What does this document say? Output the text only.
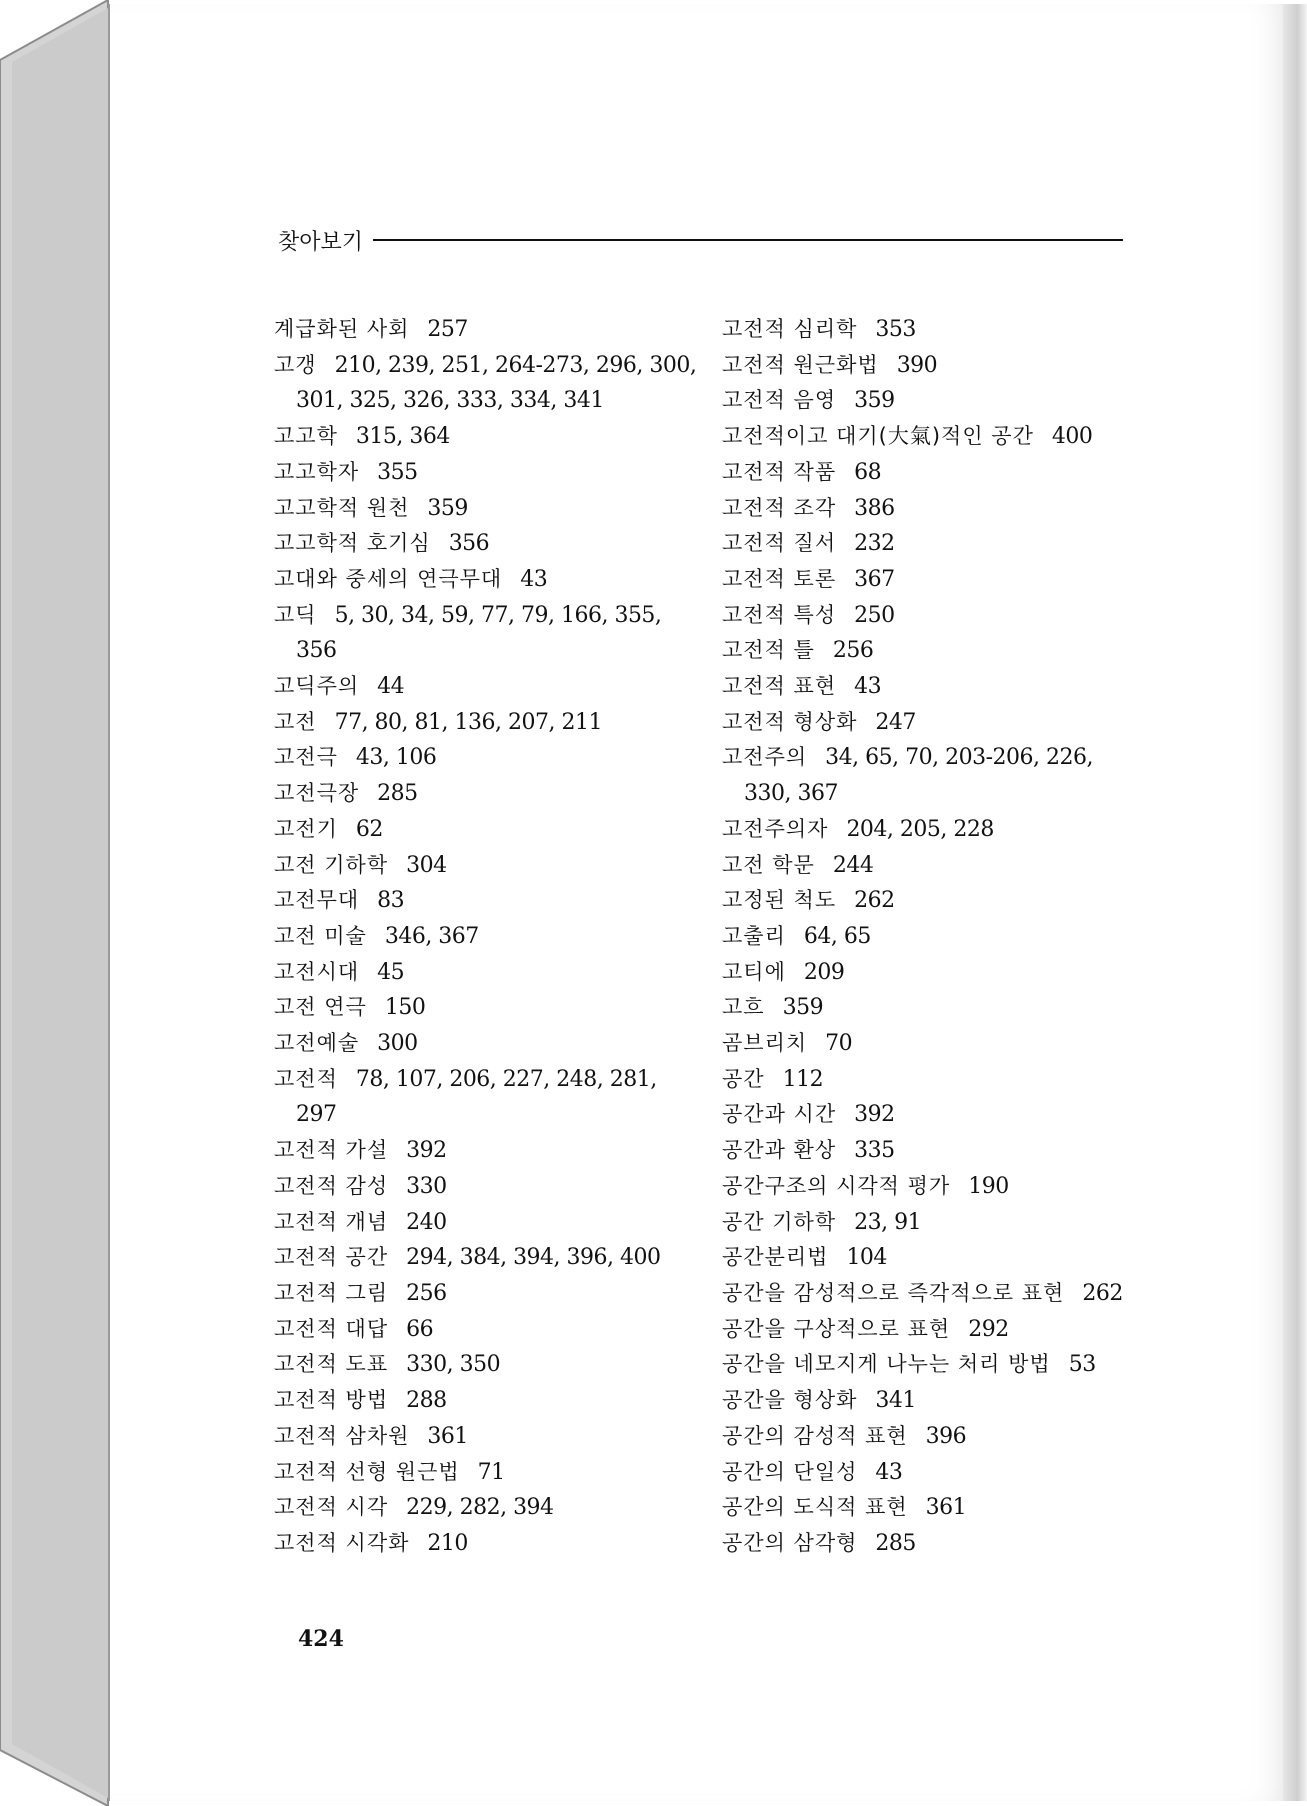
찾아보기
계급화된 사회 257
고갱 210, 239, 251, 264-273, 296, 300,
301, 325, 326, 333, 334, 341
고고학 315, 364
고고학자 355
고고학적 원천 359
고고학적 호기심 356
고대와 중세의 연극무대 43
고딕 5, 30, 34, 59, 77, 79, 166, 355,
356
고딕주의 44
고전 77, 80, 81, 136, 207, 211
고전극 43, 106
고전극장 285
고전기 62
고전 기하학 304
고전무대 83
고전 미술 346, 367
고전시대 45
고전 연극 150
고전예술 300
고전적 78, 107, 206, 227, 248, 281,
297
고전적 가설 392
고전적 감성 330
고전적 개념 240
고전적 공간 294, 384, 394, 396, 400
고전적 그림 256
고전적 대답 66
고전적 도표 330, 350
고전적 방법 288
고전적 삼차원 361
고전적 선형 원근법 71
고전적 시각 229, 282, 394
고전적 시각화 210
고전적 심리학 353
고전적 원근화법 390
고전적 음영 359
고전적이고 대기(大氣)적인 공간 400
고전적 작품 68
고전적 조각 386
고전적 질서 232
고전적 토론 367
고전적 특성 250
고전적 틀 256
고전적 표현 43
고전적 형상화 247
고전주의 34, 65, 70, 203-206, 226,
330, 367
고전주의자 204, 205, 228
고전 학문 244
고정된 척도 262
고출리 64, 65
고티에 209
고흐 359
곰브리치 70
공간 112
공간과 시간 392
공간과 환상 335
공간구조의 시각적 평가 190
공간 기하학 23, 91
공간분리법 104
공간을 감성적으로 즉각적으로 표현 262
공간을 구상적으로 표현 292
공간을 네모지게 나누는 처리 방법 53
공간을 형상화 341
공간의 감성적 표현 396
공간의 단일성 43
공간의 도식적 표현 361
공간의 삼각형 285
424
